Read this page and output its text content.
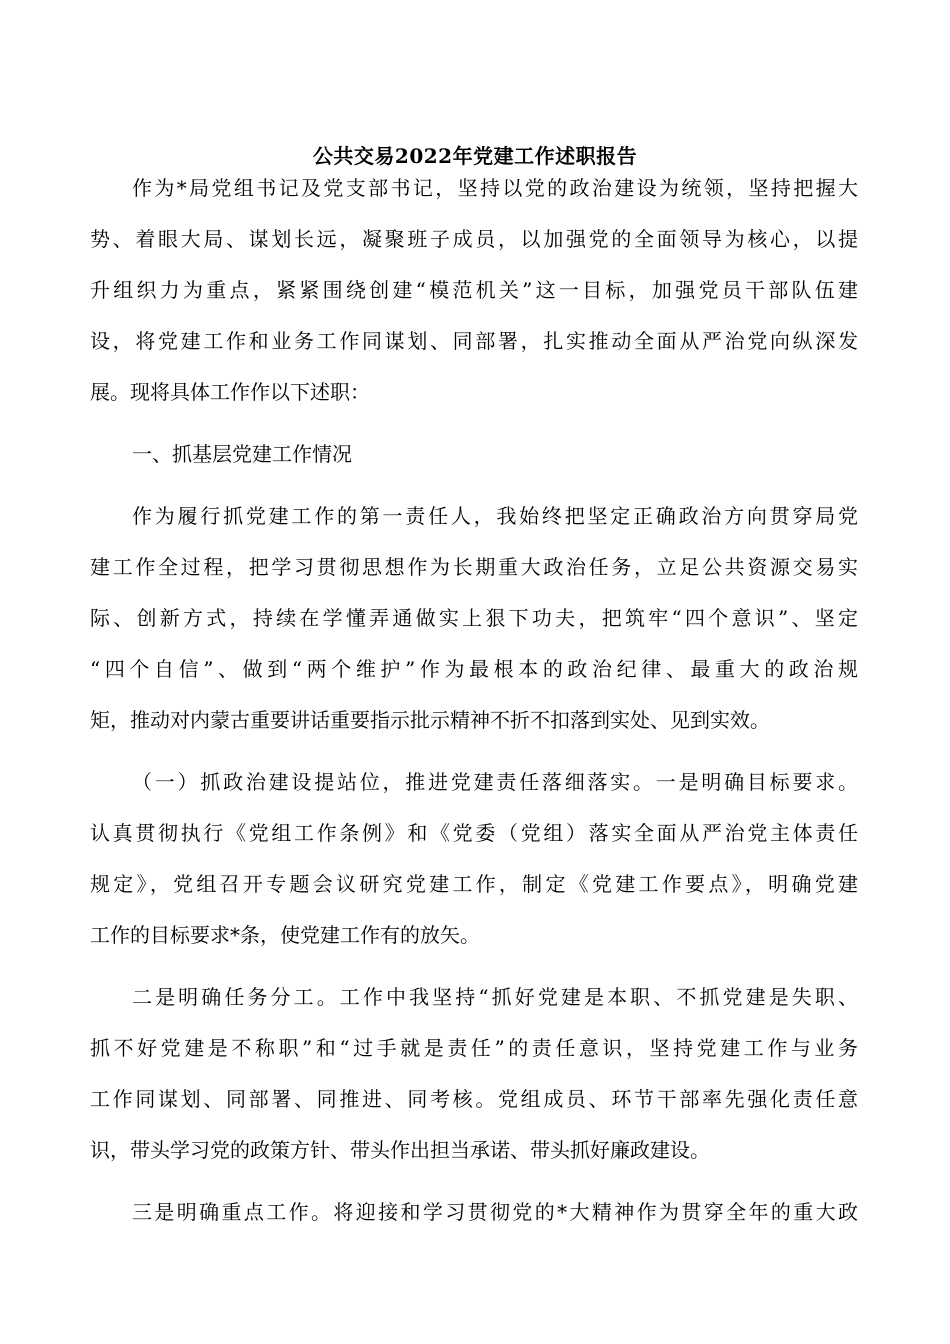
公共交易2022年党建工作述职报告
作为*局党组书记及党支部书记，坚持以党的政治建设为统领，坚持把握大
势、着眼大局、谋划长远，凝聚班子成员，以加强党的全面领导为核心，以提
升组织力为重点，紧紧围绕创建“模范机关”这一目标，加强党员干部队伍建
设，将党建工作和业务工作同谋划、同部署，扎实推动全面从严治党向纵深发
展。现将具体工作作以下述职：
一、抓基层党建工作情况
作为履行抓党建工作的第一责任人，我始终把坚定正确政治方向贯穿局党
建工作全过程，把学习贯彻思想作为长期重大政治任务，立足公共资源交易实
际、创新方式，持续在学懂弄通做实上狠下功夫，把筑牢“四个意识”、坚定
“四个自信”、做到“两个维护”作为最根本的政治纪律、最重大的政治规
矩，推动对内蒙古重要讲话重要指示批示精神不折不扣落到实处、见到实效。
（一）抓政治建设提站位，推进党建责任落细落实。一是明确目标要求。
认真贯彻执行《党组工作条例》和《党委（党组）落实全面从严治党主体责任
规定》，党组召开专题会议研究党建工作，制定《党建工作要点》，明确党建
工作的目标要求*条，使党建工作有的放矢。
二是明确任务分工。工作中我坚持“抓好党建是本职、不抓党建是失职、
抓不好党建是不称职”和“过手就是责任”的责任意识，坚持党建工作与业务
工作同谋划、同部署、同推进、同考核。党组成员、环节干部率先强化责任意
识，带头学习党的政策方针、带头作出担当承诺、带头抓好廉政建设。
三是明确重点工作。将迎接和学习贯彻党的*大精神作为贯穿全年的重大政
